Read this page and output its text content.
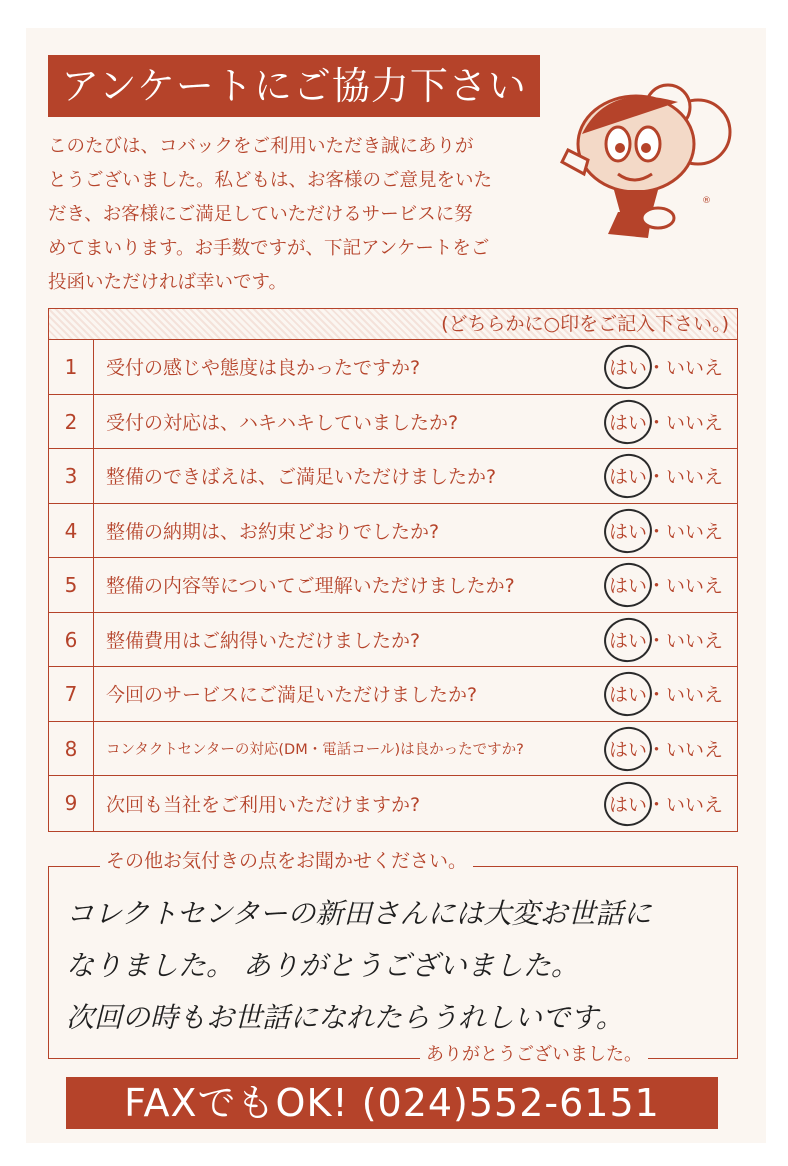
アンケートにご協力下さい

このたびは、コバックをご利用いただき誠にありが
とうございました。私どもは、お客様のご意見をいた
だき、お客様にご満足していただけるサービスに努
めてまいります。お手数ですが、下記アンケートをご
投函いただければ幸いです。

®
(どちらかに○印をご記入下さい。)
1	受付の感じや態度は良かったですか?	はい・いいえ
2	受付の対応は、ハキハキしていましたか?	はい・いいえ
3	整備のできばえは、ご満足いただけましたか?	はい・いいえ
4	整備の納期は、お約束どおりでしたか?	はい・いいえ
5	整備の内容等についてご理解いただけましたか?	はい・いいえ
6	整備費用はご納得いただけましたか?	はい・いいえ
7	今回のサービスにご満足いただけましたか?	はい・いいえ
8	コンタクトセンターの対応(DM・電話コール)は良かったですか?	はい・いいえ
9	次回も当社をご利用いただけますか?	はい・いいえ
その他お気付きの点をお聞かせください。

コレクトセンターの新田さんには大変お世話に
なりました。 ありがとうございました。
次回の時もお世話になれたらうれしいです。

ありがとうございました。
FAXでもOK! (024)552-6151
